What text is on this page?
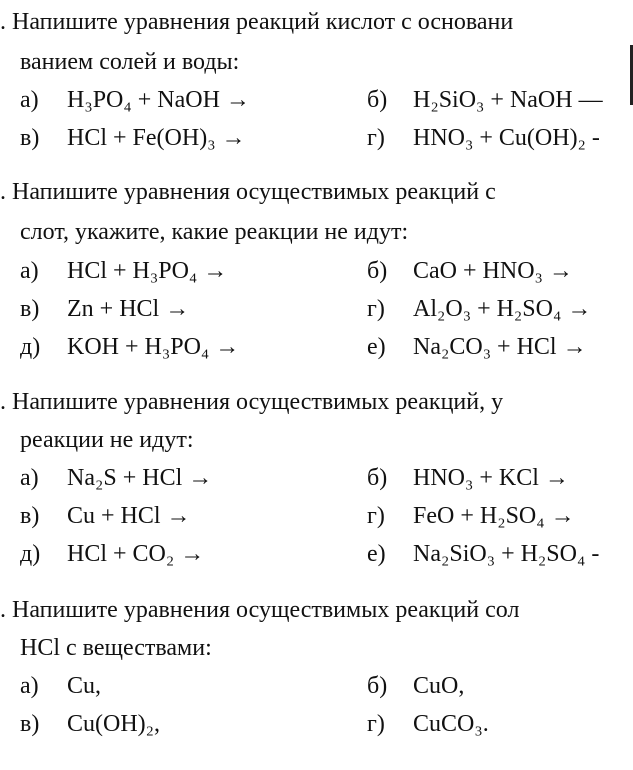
. Напишите уравнения реакций кислот с основани
ванием солей и воды:
а) H₃PO₄ + NaOH →	б) H₂SiO₃ + NaOH —
в) HCl + Fe(OH)₃ →	г) HNO₃ + Cu(OH)₂ -
. Напишите уравнения осуществимых реакций с
слот, укажите, какие реакции не идут:
а) HCl + H₃PO₄ →	б) CaO + HNO₃ →
в) Zn + HCl →	г) Al₂O₃ + H₂SO₄ →
д) KOH + H₃PO₄ →	е) Na₂CO₃ + HCl →
. Напишите уравнения осуществимых реакций, у
реакции не идут:
а) Na₂S + HCl →	б) HNO₃ + KCl →
в) Cu + HCl →	г) FeO + H₂SO₄ →
д) HCl + CO₂ →	е) Na₂SiO₃ + H₂SO₄ -
. Напишите уравнения осуществимых реакций сол
HCl с веществами:
а) Cu,	б) CuO,
в) Cu(OH)₂,	г) CuCO₃.
